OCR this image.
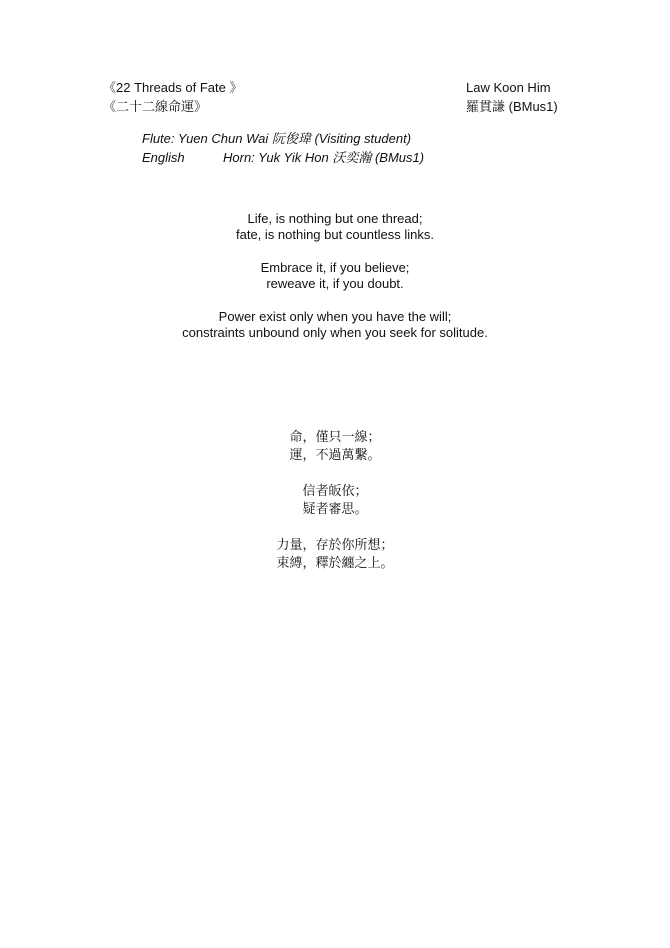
《22 Threads of Fate 》
《二十二線命運》
Law Koon Him
羅貫謙 (BMus1)
Flute: Yuen Chun Wai 阮俊瑋 (Visiting student)
English	Horn: Yuk Yik Hon 沃奕瀚 (BMus1)
Life, is nothing but one thread;
fate, is nothing but countless links.
Embrace it, if you believe;
reweave it, if you doubt.
Power exist only when you have the will;
constraints unbound only when you seek for solitude.
命，僅只一線；
運，不過萬繫。
信者皈依；
疑者審思。
力量，存於你所想；
束縛，釋於纏之上。
